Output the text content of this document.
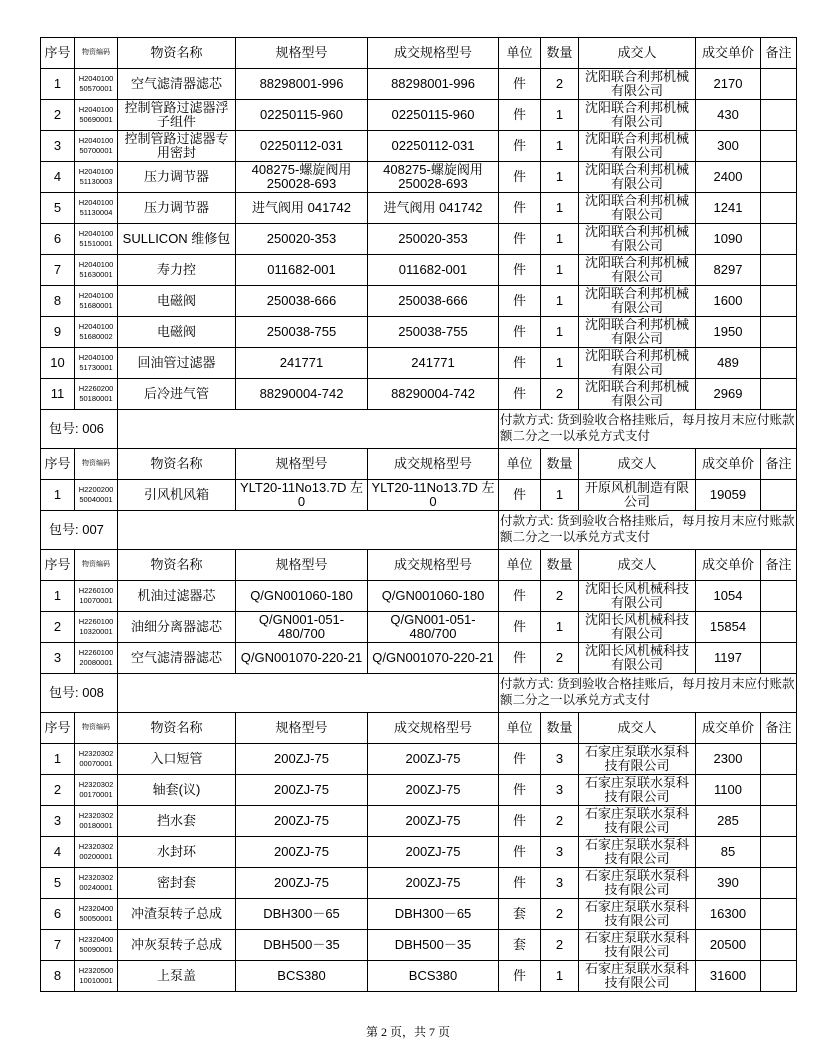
序号	物资编码	物资名称	规格型号	成交规格型号	单位	数量	成交人	成交单价	备注
1	H2040100 50570001	空气滤清器滤芯	88298001-996	88298001-996	件	2	沈阳联合利邦机械有限公司	2170	
2	H2040100 50690001	控制管路过滤器浮子组件	02250115-960	02250115-960	件	1	沈阳联合利邦机械有限公司	430	
3	H2040100 50700001	控制管路过滤器专用密封	02250112-031	02250112-031	件	1	沈阳联合利邦机械有限公司	300	
4	H2040100 51130003	压力调节器	408275-螺旋阀用 250028-693	408275-螺旋阀用 250028-693	件	1	沈阳联合利邦机械有限公司	2400	
5	H2040100 51130004	压力调节器	进气阀用 041742	进气阀用 041742	件	1	沈阳联合利邦机械有限公司	1241	
6	H2040100 51510001	SULLICON 维修包	250020-353	250020-353	件	1	沈阳联合利邦机械有限公司	1090	
7	H2040100 51630001	寿力控	011682-001	011682-001	件	1	沈阳联合利邦机械有限公司	8297	
8	H2040100 51680001	电磁阀	250038-666	250038-666	件	1	沈阳联合利邦机械有限公司	1600	
9	H2040100 51680002	电磁阀	250038-755	250038-755	件	1	沈阳联合利邦机械有限公司	1950	
10	H2040100 51730001	回油管过滤器	241771	241771	件	1	沈阳联合利邦机械有限公司	489	
11	H2260200 50180001	后冷进气管	88290004-742	88290004-742	件	2	沈阳联合利邦机械有限公司	2969	
包号: 006					付款方式: 货到验收合格挂账后，每月按月末应付账款额二分之一以承兑方式支付				
序号	物资编码	物资名称	规格型号	成交规格型号	单位	数量	成交人	成交单价	备注
1	H2200200 50040001	引风机风箱	YLT20-11No13.7D 左0	YLT20-11No13.7D 左0	件	1	开原风机制造有限公司	19059	
包号: 007					付款方式: 货到验收合格挂账后，每月按月末应付账款额二分之一以承兑方式支付				
序号	物资编码	物资名称	规格型号	成交规格型号	单位	数量	成交人	成交单价	备注
1	H2260100 10070001	机油过滤器芯	Q/GN001060-180	Q/GN001060-180	件	2	沈阳长风机械科技有限公司	1054	
2	H2260100 10320001	油细分离器滤芯	Q/GN001-051- 480/700	Q/GN001-051- 480/700	件	1	沈阳长风机械科技有限公司	15854	
3	H2260100 20080001	空气滤清器滤芯	Q/GN001070-220-21	Q/GN001070-220-21	件	2	沈阳长风机械科技有限公司	1197	
包号: 008					付款方式: 货到验收合格挂账后，每月按月末应付账款额二分之一以承兑方式支付				
序号	物资编码	物资名称	规格型号	成交规格型号	单位	数量	成交人	成交单价	备注
1	H2320302 00070001	入口短管	200ZJ-75	200ZJ-75	件	3	石家庄泵联水泵科技有限公司	2300	
2	H2320302 00170001	轴套(议)	200ZJ-75	200ZJ-75	件	3	石家庄泵联水泵科技有限公司	1100	
3	H2320302 00180001	挡水套	200ZJ-75	200ZJ-75	件	2	石家庄泵联水泵科技有限公司	285	
4	H2320302 00200001	水封环	200ZJ-75	200ZJ-75	件	3	石家庄泵联水泵科技有限公司	85	
5	H2320302 00240001	密封套	200ZJ-75	200ZJ-75	件	3	石家庄泵联水泵科技有限公司	390	
6	H2320400 50050001	冲渣泵转子总成	DBH300－65	DBH300－65	套	2	石家庄泵联水泵科技有限公司	16300	
7	H2320400 50090001	冲灰泵转子总成	DBH500－35	DBH500－35	套	2	石家庄泵联水泵科技有限公司	20500	
8	H2320500 10010001	上泵盖	BCS380	BCS380	件	1	石家庄泵联水泵科技有限公司	31600	
第 2 页，共 7 页
